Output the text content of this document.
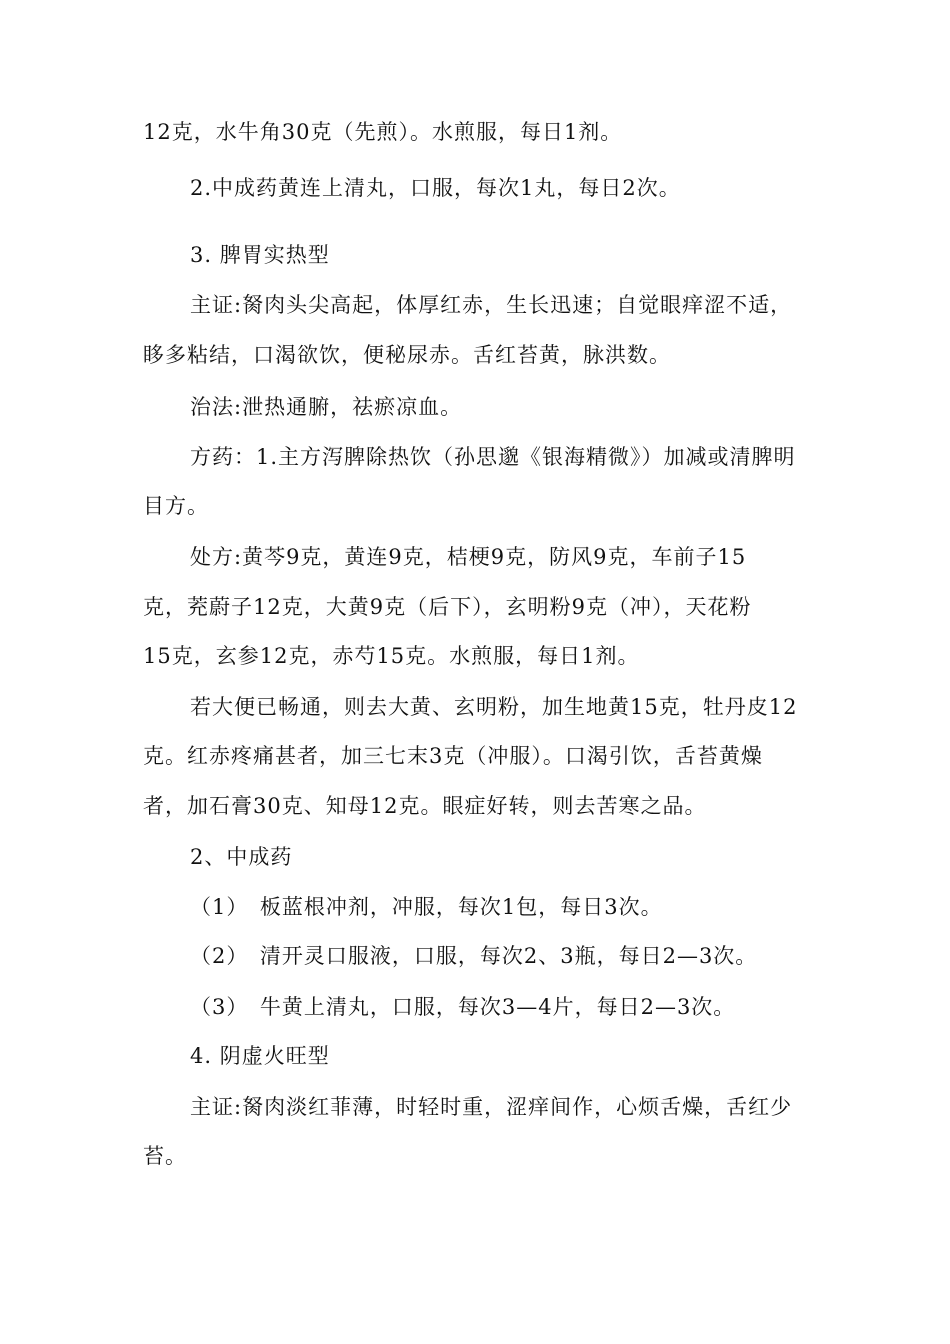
12克，水牛角30克（先煎）。水煎服，每日1剂。

2.中成药黄连上清丸，口服，每次1丸，每日2次。

3. 脾胃实热型

主证:胬肉头尖高起，体厚红赤，生长迅速；自觉眼痒涩不适，

眵多粘结，口渴欲饮，便秘尿赤。舌红苔黄，脉洪数。

治法:泄热通腑，祛瘀凉血。

方药：1.主方泻脾除热饮（孙思邈《银海精微》）加减或清脾明

目方。

处方:黄芩9克，黄连9克，桔梗9克，防风9克，车前子15

克，茺蔚子12克，大黄9克（后下），玄明粉9克（冲），天花粉

15克，玄参12克，赤芍15克。水煎服，每日1剂。

若大便已畅通，则去大黄、玄明粉，加生地黄15克，牡丹皮12

克。红赤疼痛甚者，加三七末3克（冲服）。口渴引饮，舌苔黄燥

者，加石膏30克、知母12克。眼症好转，则去苦寒之品。

2、中成药

（1）　板蓝根冲剂，冲服，每次1包，每日3次。

（2）　清开灵口服液，口服，每次2、3瓶，每日2—3次。

（3）　牛黄上清丸，口服，每次3—4片，每日2—3次。

4. 阴虚火旺型

主证:胬肉淡红菲薄，时轻时重，涩痒间作，心烦舌燥，舌红少

苔。
